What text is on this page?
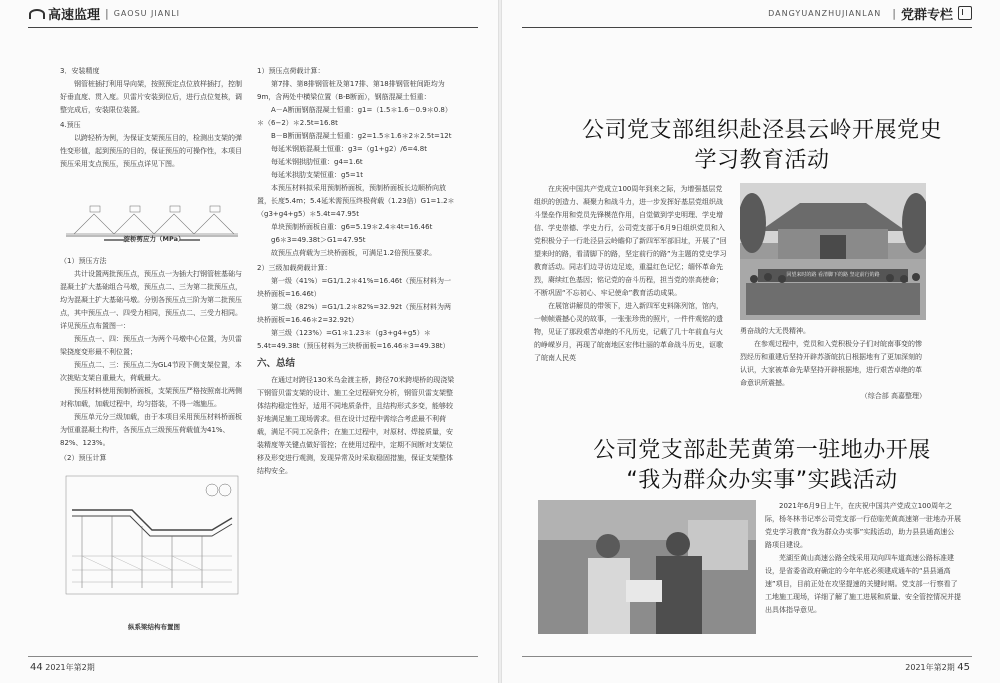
高速监理 | GAOSU JIANLI

3．安装精度

钢管桩插打利用导向架，按照预定点位放样插打，控制好垂直度、贯入度。贝雷片安装到位后，进行点位复核，调整完成后，安装限位装置。

4.预压

以跨轻桥为例，为保证支架预压目的，检测出支架的弹性变形值，起到预压的目的，保证预压的可操作性，本项目预压采用支点预压，预压点详见下图。

（1）预压方法

共计设置两批预压点，预压点一为插大打钢管桩基础与混凝土扩大基础组合马墩，预压点二、三为第二批预压点，均为混凝土扩大基础马墩。分别各预压点三阶为第二批预压点，其中预压点一、四受力相同，预压点二、三受力相同。详见预压点布置图一：

预压点一、四：预压点一为两个马墩中心位置，为贝雷梁挠度变形最不利位置；

预压点二、三：预压点二为GL4节段下侧支架位置，本次挑贴支架自重最大，荷载最大。

预压材料使用预制桥面板，支架预压严格按照南北两侧对称加载，加载过程中，均匀搭装，不得一端施压。

预压单元分三级加载，由于本项目采用预压材料桥面板为恒重混凝土构件，各预压点三级预压荷载值为41%、82%、123%。

（2）预压计算

旋桥剪应力（MPa）
纵系梁结构布置图

1）预压点荷载计算：

第7排、第8排钢管桩及第17排、第18排钢管桩间距均为9m，含两处中横梁位置（B-B断面），钢筋混凝土恒重：

A－A断面钢筋混凝土恒重：g1=（1.5＊1.6－0.9＊0.8）＊（6−2）＊2.5t=16.8t

B－B断面钢筋混凝土恒重：g2=1.5＊1.6＊2＊2.5t=12t

每延米钢筋混凝土恒重：g3=（g1+g2）/6=4.8t

每延米钢拱肋恒重：g4=1.6t

每延米拱肋支架恒重：g5=1t

本预压材料拟采用预制桥面板，预制桥面板长边顺桥向放置，长度5.4m；5.4延米需预压终极荷载（1.23倍）G1=1.2＊（g3+g4+g5）＊5.4t=47.95t

单块预制桥面板自重：g6=5.19＊2.4＊4t=16.46t

g6＊3=49.38t＞G1=47.95t

故预压点荷载为三块桥面板，可满足1.2倍预压要求。

2）三级加载荷载计算：

第一级（41%）=G1/1.2＊41%=16.46t（预压材料为一块桥面板=16.46t）

第二级（82%）=G1/1.2＊82%=32.92t（预压材料为两块桥面板=16.46＊2=32.92t）

第三级（123%）=G1＊1.23＊（g3+g4+g5）＊5.4t=49.38t（预压材料为三块桥面板=16.46＊3=49.38t）

六、总结

在通过对跨径130米乌金渡主桥，跨径70米跨堤桥的现浇梁下钢管贝雷支架的设计、施工全过程研究分析，钢管贝雷支架整体结构稳定性好，适用不同地质条件，且结构形式多变，能够较好地满足施工现场需求。但在设计过程中需综合考虑最不利荷载，满足不同工况条件；在施工过程中，对原材、焊接质量，安装精度等关键点做好管控；在使用过程中，定期不间断对支架位移及形变进行观测，发现异常及时采取稳固措施，保证支架整体结构安全。

44 2021年第2期
DANGYUANZHUJIANLAN | 党群专栏
公司党支部组织赴泾县云岭开展党史
学习教育活动

在庆祝中国共产党成立100周年到来之际，为增强基层党组织的创造力、凝聚力和战斗力，进一步发挥好基层党组织战斗堡垒作用和党员先锋模范作用，自觉做到学史明理、学史增信、学史崇德、学史力行，公司党支部于6月9日组织党员和入党积极分子一行赴泾县云岭瞻仰了新四军军部旧址，开展了“回望来时的路，看清脚下的路，坚定前行的路”为主题的党史学习教育活动。同志们边寻访边足迹，重温红色记忆；缅怀革命先烈，赓续红色基因；铭记党的奋斗历程，担当党的崇高使命；不断巩固“不忘初心、牢记使命”教育活动成果。

在展馆讲解员的带领下，进入新四军史料陈列馆，馆内，一帧帧震撼心灵的故事，一张张珍贵的照片，一件件观铭的遗物，见证了那段艰苦卓绝的不凡历史，记载了几十年前血与火的峥嵘岁月，再现了皖南地区宏伟壮丽的革命战斗历史，讴歌了皖南人民英

回望来时的路 看清脚下的路 坚定前行的路

勇奋战的大无畏精神。

在参观过程中，党员和入党积极分子们对皖南事变的惨烈经历和重建后坚持开辟苏浙皖抗日根据地有了更加深刻的认识，大家被革命先辈坚持开辟根据地，进行艰苦卓绝的革命意识所震撼。

（综合部 高嘉整理）

公司党支部赴芜黄第一驻地办开展
“我为群众办实事”实践活动

2021年6月9日上午，在庆祝中国共产党成立100周年之际，杨冬林书记率公司党支部一行莅临芜黄高速第一驻地办开展党史学习教育“我为群众办实事”实践活动，助力县县通高速公路项目建设。

芜湖至黄山高速公路全线采用双向四车道高速公路标准建设，是省委省政府确定的今年年底必须建成通车的“县县通高速”项目，目前正处在攻坚提速的关键时期。党支部一行察看了工地施工现场，详细了解了施工进展和质量、安全管控情况并提出具体指导意见。

2021年第2期 45
